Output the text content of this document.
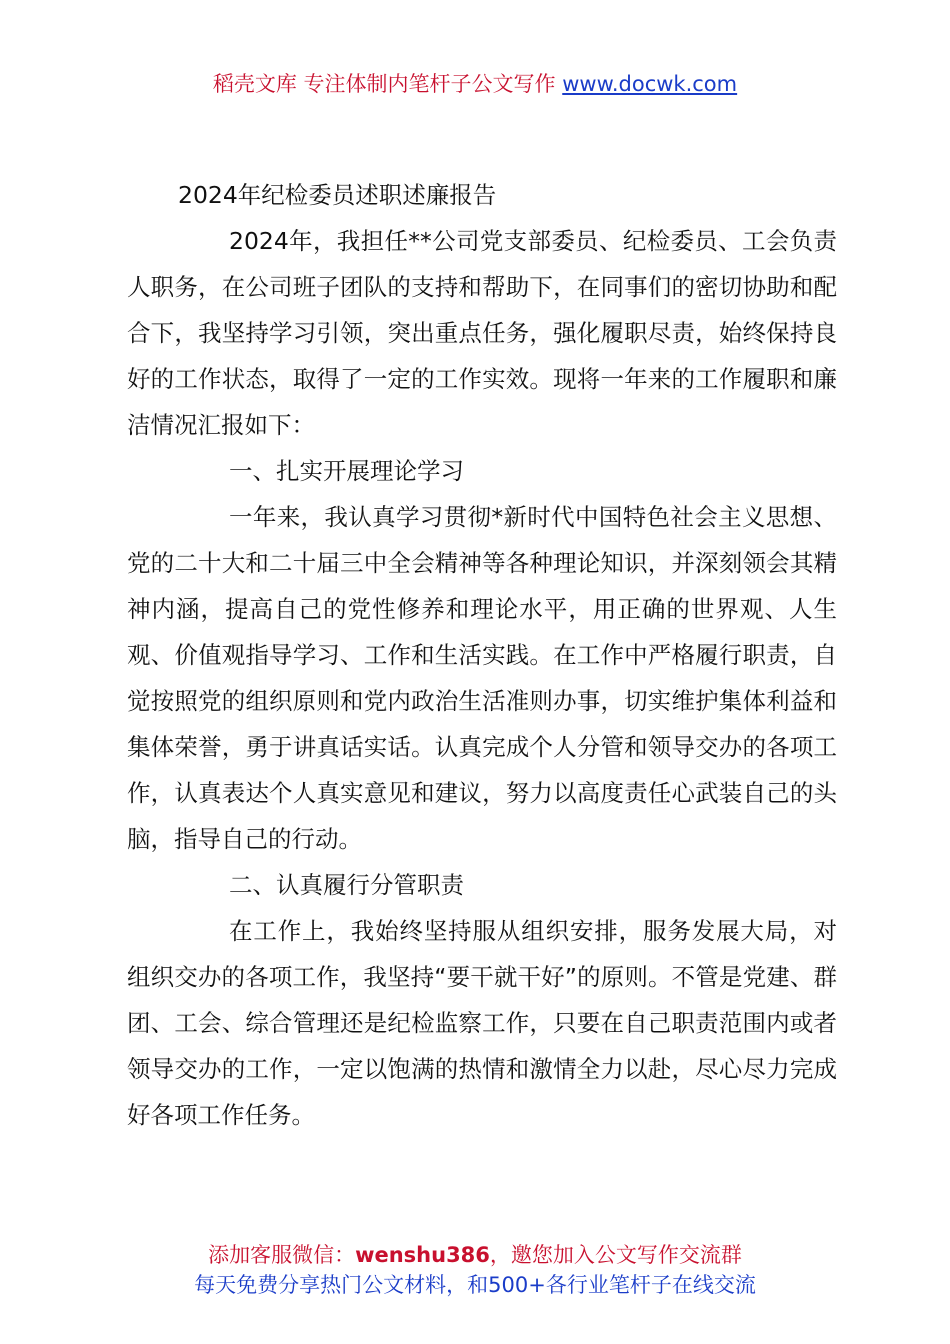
稻壳文库 专注体制内笔杆子公文写作 www.docwk.com
2024年纪检委员述职述廉报告

2024年，我担任**公司党支部委员、纪检委员、工会负责人职务，在公司班子团队的支持和帮助下，在同事们的密切协助和配合下，我坚持学习引领，突出重点任务，强化履职尽责，始终保持良好的工作状态，取得了一定的工作实效。现将一年来的工作履职和廉洁情况汇报如下：

一、扎实开展理论学习

一年来，我认真学习贯彻*新时代中国特色社会主义思想、党的二十大和二十届三中全会精神等各种理论知识，并深刻领会其精神内涵，提高自己的党性修养和理论水平，用正确的世界观、人生观、价值观指导学习、工作和生活实践。在工作中严格履行职责，自觉按照党的组织原则和党内政治生活准则办事，切实维护集体利益和集体荣誉，勇于讲真话实话。认真完成个人分管和领导交办的各项工作，认真表达个人真实意见和建议，努力以高度责任心武装自己的头脑，指导自己的行动。

二、认真履行分管职责

在工作上，我始终坚持服从组织安排，服务发展大局，对组织交办的各项工作，我坚持“要干就干好”的原则。不管是党建、群团、工会、综合管理还是纪检监察工作，只要在自己职责范围内或者领导交办的工作，一定以饱满的热情和激情全力以赴，尽心尽力完成好各项工作任务。

添加客服微信：wenshu386，邀您加入公文写作交流群
每天免费分享热门公文材料，和500+各行业笔杆子在线交流
